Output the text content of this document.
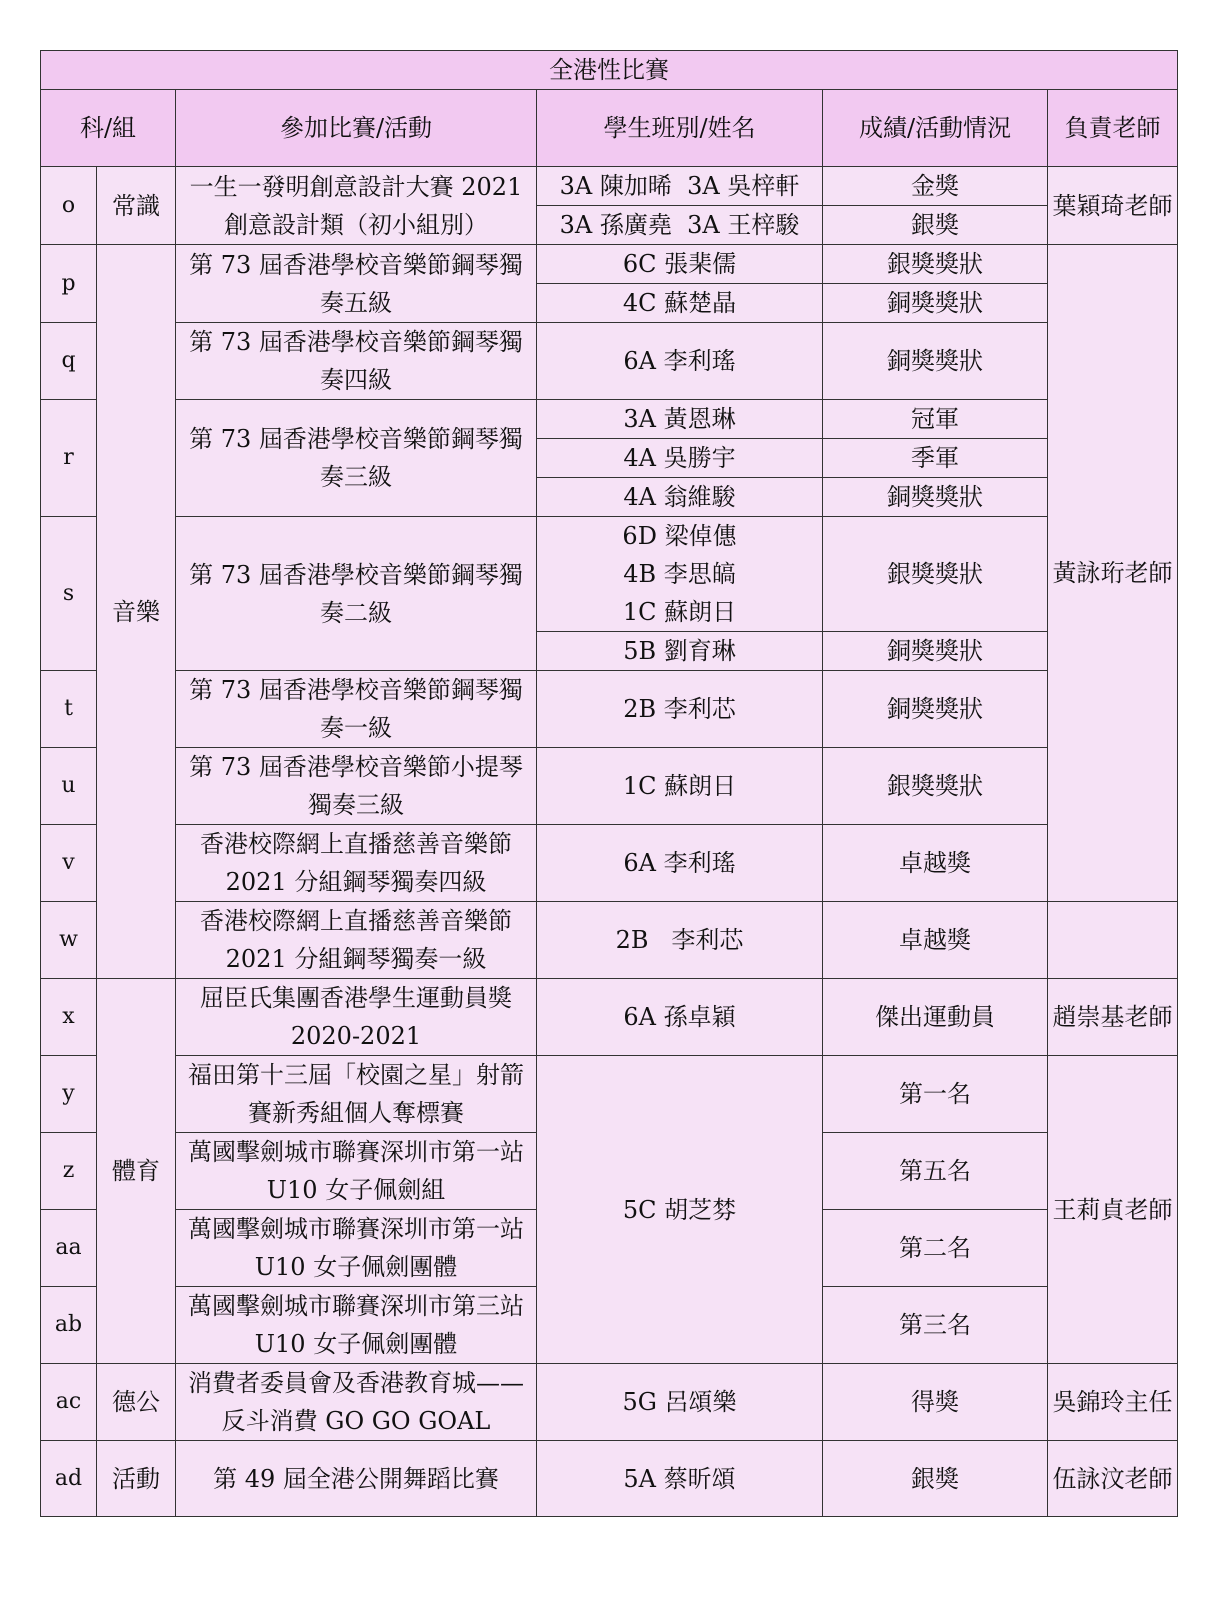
全港性比賽					
科/組		參加比賽/活動	學生班別/姓名	成績/活動情況	負責老師
o	常識	一生一發明創意設計大賽 2021 創意設計類（初小組別）	3A 陳加晞  3A 吳梓軒	金獎	葉穎琦老師
			3A 孫廣堯  3A 王梓駿	銀獎	
p	音樂	第 73 屆香港學校音樂節鋼琴獨奏五級	6C 張棐儒	銀獎獎狀	黃詠珩老師
			4C 蘇楚晶	銅獎獎狀	
q		第 73 屆香港學校音樂節鋼琴獨奏四級	6A 李利瑤	銅獎獎狀	

r		第 73 屆香港學校音樂節鋼琴獨奏三級	3A 黃恩琳	冠軍	
			4A 吳勝宇	季軍	
			4A 翁維駿	銅獎獎狀	
s		第 73 屆香港學校音樂節鋼琴獨奏二級	6D 梁倬僡	銀獎獎狀	
			4B 李思皜		
			1C 蘇朗日		
			5B 劉育琳	銅獎獎狀	
t		第 73 屆香港學校音樂節鋼琴獨奏一級	2B 李利芯	銅獎獎狀	

u		第 73 屆香港學校音樂節小提琴獨奏三級	1C 蘇朗日	銀獎獎狀	

v		香港校際網上直播慈善音樂節 2021 分組鋼琴獨奏四級	6A 李利瑤	卓越獎	

w		香港校際網上直播慈善音樂節 2021 分組鋼琴獨奏一級	2B   李利芯	卓越獎	

x	體育	屈臣氏集團香港學生運動員獎 2020-2021	6A 孫卓穎	傑出運動員	趙崇基老師

y		福田第十三屆「校園之星」射箭賽新秀組個人奪標賽	5C 胡芝棼	第一名	王莉貞老師

z		萬國擊劍城市聯賽深圳市第一站 U10 女子佩劍組		第五名	

aa		萬國擊劍城市聯賽深圳市第一站 U10 女子佩劍團體		第二名	

ab		萬國擊劍城市聯賽深圳市第三站 U10 女子佩劍團體		第三名	

ac	德公	消費者委員會及香港教育城——反斗消費 GO GO GOAL	5G 呂頌樂	得獎	吳錦玲主任

ad	活動	第 49 屆全港公開舞蹈比賽	5A 蔡昕頌	銀獎	伍詠汶老師
